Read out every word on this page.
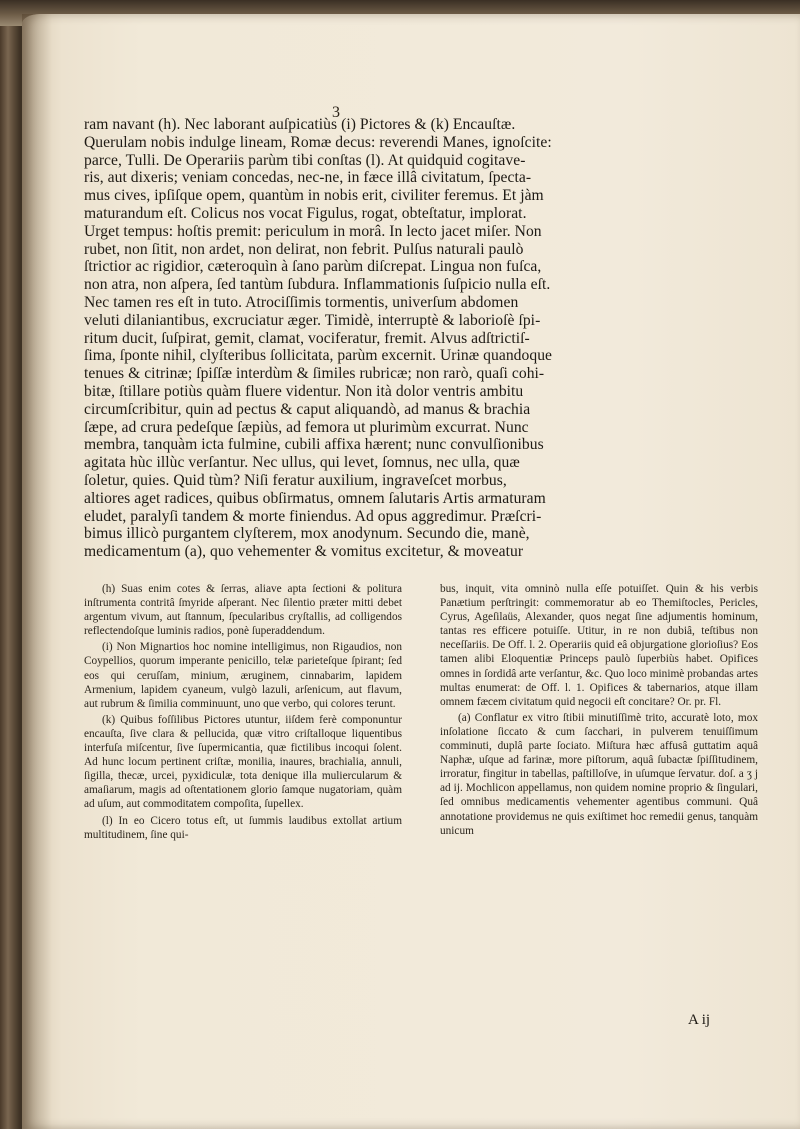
3

ram navant (h). Nec laborant auſpicatiùs (i) Pictores & (k) Encauſtæ.

Querulam nobis indulge lineam, Romæ decus: reverendi Manes, ignoſcite:

parce, Tulli. De Operariis parùm tibi conſtas (l). At quidquid cogitave-

ris, aut dixeris; veniam concedas, nec-ne, in fæce illâ civitatum, ſpecta-

mus cives, ipſiſque opem, quantùm in nobis erit, civiliter feremus. Et jàm

maturandum eſt. Colicus nos vocat Figulus, rogat, obteſtatur, implorat.

Urget tempus: hoſtis premit: periculum in morâ. In lecto jacet miſer. Non

rubet, non ſitit, non ardet, non delirat, non febrit. Pulſus naturali paulò

ſtrictior ac rigidior, cæteroquìn à ſano parùm diſcrepat. Lingua non fuſca,

non atra, non aſpera, ſed tantùm ſubdura. Inflammationis ſuſpicio nulla eſt.

Nec tamen res eſt in tuto. Atrociſſimis tormentis, univerſum abdomen

veluti dilaniantibus, excruciatur æger. Timidè, interruptè & laborioſè ſpi-

ritum ducit, ſuſpirat, gemit, clamat, vociferatur, fremit. Alvus adſtrictiſ-

ſima, ſponte nihil, clyſteribus ſollicitata, parùm excernit. Urinæ quandoque

tenues & citrinæ; ſpiſſæ interdùm & ſimiles rubricæ; non rarò, quaſi cohi-

bitæ, ſtillare potiùs quàm fluere videntur. Non ità dolor ventris ambitu

circumſcribitur, quin ad pectus & caput aliquandò, ad manus & brachia

ſæpe, ad crura pedeſque ſæpiùs, ad femora ut plurimùm excurrat. Nunc

membra, tanquàm icta fulmine, cubili affixa hærent; nunc convulſionibus

agitata hùc illùc verſantur. Nec ullus, qui levet, ſomnus, nec ulla, quæ

ſoletur, quies. Quid tùm? Niſi feratur auxilium, ingraveſcet morbus,

altiores aget radices, quibus obſirmatus, omnem ſalutaris Artis armaturam

eludet, paralyſi tandem & morte finiendus. Ad opus aggredimur. Præſcri-

bimus illicò purgantem clyſterem, mox anodynum. Secundo die, manè,

medicamentum (a), quo vehementer & vomitus excitetur, & moveatur

(h) Suas enim cotes & ſerras, aliave apta ſectioni & politura inſtrumenta contritâ ſmyride aſperant. Nec ſilentio præter mitti debet argentum vivum, aut ſtannum, ſpecularibus cryſtallis, ad colligendos reflectendoſque luminis radios, ponè ſuperaddendum.

(i) Non Mignartios hoc nomine intelligimus, non Rigaudios, non Coypellios, quorum imperante penicillo, telæ parieteſque ſpirant; ſed eos qui ceruſſam, minium, æruginem, cinnabarim, lapidem Armenium, lapidem cyaneum, vulgò lazuli, arſenicum, aut flavum, aut rubrum & ſimilia comminuunt, uno que verbo, qui colores terunt.

(k) Quibus foſſilibus Pictores utuntur, iiſdem ferè componuntur encauſta, ſive clara & pellucida, quæ vitro criſtalloque liquentibus interfuſa miſcentur, ſive ſupermicantia, quæ fictilibus incoqui ſolent. Ad hunc locum pertinent criſtæ, monilia, inaures, brachialia, annuli, ſigilla, thecæ, urcei, pyxidiculæ, tota denique illa muliercularum & amaſiarum, magis ad oſtentationem glorio ſamque nugatoriam, quàm ad uſum, aut commoditatem compoſita, ſupellex.

(l) In eo Cicero totus eſt, ut ſummis laudibus extollat artium multitudinem, ſine qui-

bus, inquit, vita omninò nulla eſſe potuiſſet. Quin & his verbis Panætium perſtringit: commemoratur ab eo Themiſtocles, Pericles, Cyrus, Ageſilaüs, Alexander, quos negat ſine adjumentis hominum, tantas res efficere potuiſſe. Utitur, in re non dubiâ, teſtibus non neceſſariis. De Off. l. 2. Operariis quid eâ objurgatione glorioſius? Eos tamen alibi Eloquentiæ Princeps paulò ſuperbiùs habet. Opifices omnes in ſordidâ arte verſantur, &c. Quo loco minimè probandas artes multas enumerat: de Off. l. 1. Opifices & tabernarios, atque illam omnem fæcem civitatum quid negocii eſt concitare? Or. pr. Fl.

(a) Conflatur ex vitro ſtibii minutiſſimè trito, accuratè loto, mox inſolatione ſiccato & cum ſacchari, in pulverem tenuiſſimum comminuti, duplâ parte ſociato. Miſtura hæc affusâ guttatim aquâ Naphæ, uſque ad farinæ, more piſtorum, aquâ ſubactæ ſpiſſitudinem, irroratur, fingitur in tabellas, paſtilloſve, in uſumque ſervatur. doſ. a ʒ j ad ij. Mochlicon appellamus, non quidem nomine proprio & ſingulari, ſed omnibus medicamentis vehementer agentibus communi. Quâ annotatione providemus ne quis exiſtimet hoc remedii genus, tanquàm unicum

A ij
